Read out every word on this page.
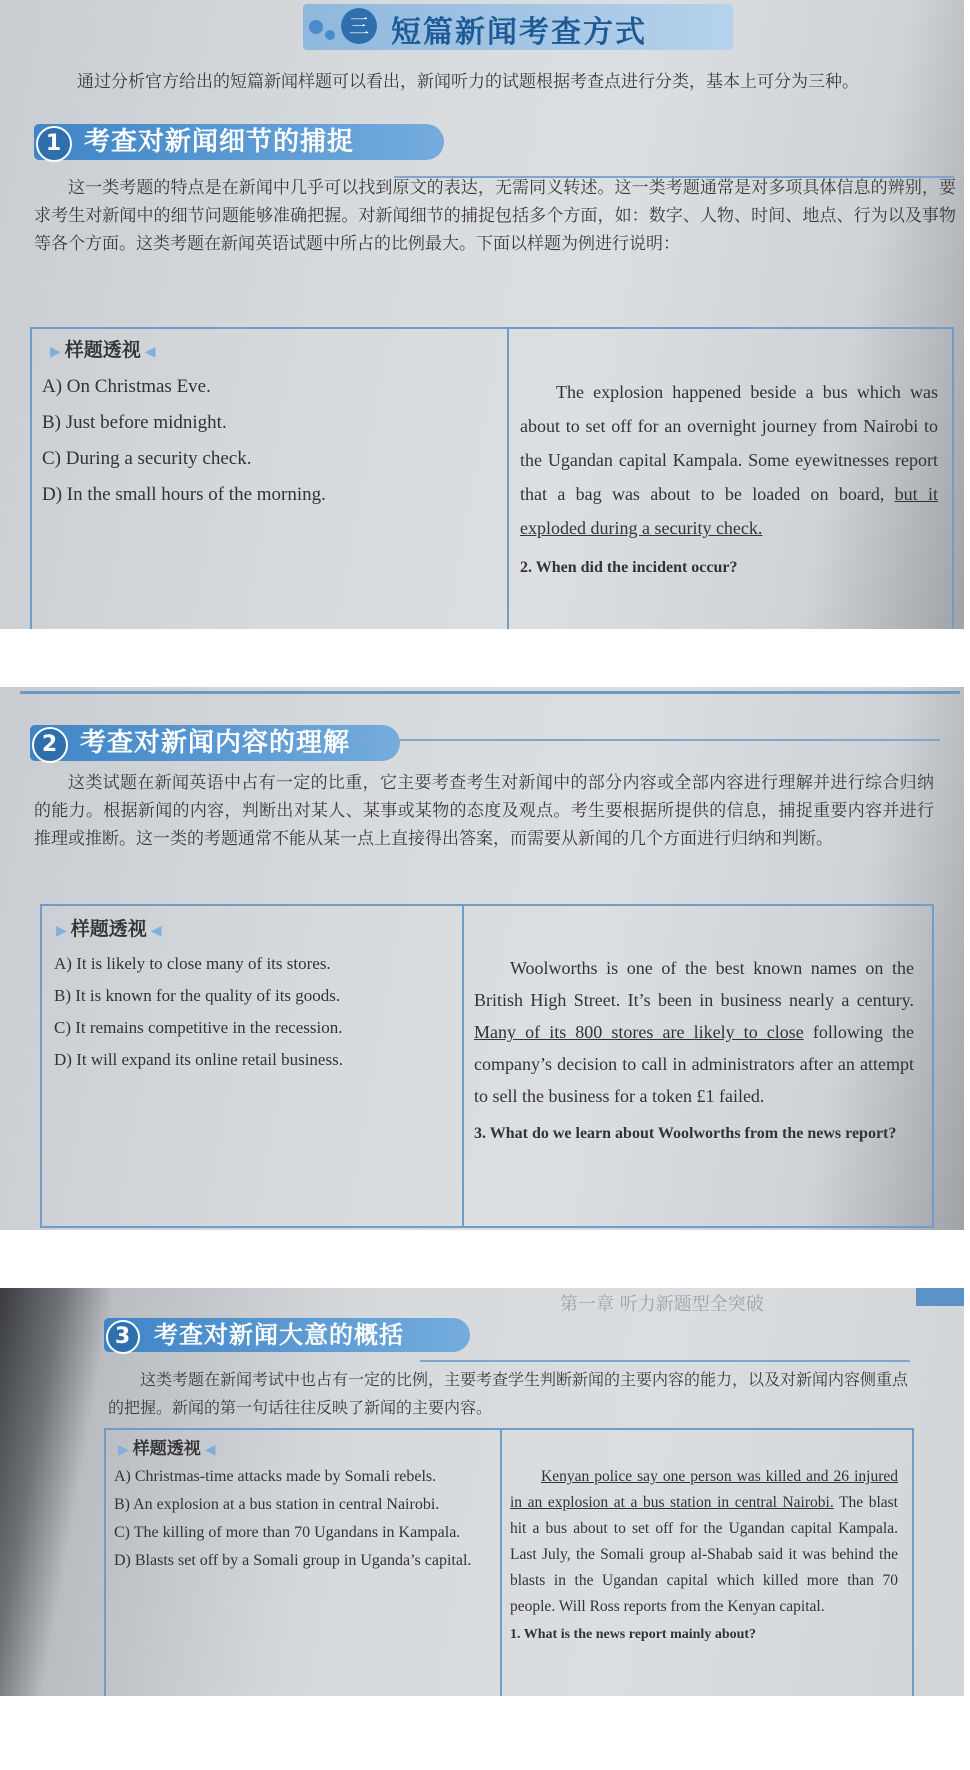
三 短篇新闻考查方式
通过分析官方给出的短篇新闻样题可以看出，新闻听力的试题根据考查点进行分类，基本上可分为三种。
1 考查对新闻细节的捕捉
这一类考题的特点是在新闻中几乎可以找到原文的表达，无需同义转述。这一类考题通常是对多项具体信息的辨别，要求考生对新闻中的细节问题能够准确把握。对新闻细节的捕捉包括多个方面，如：数字、人物、时间、地点、行为以及事物等各个方面。这类考题在新闻英语试题中所占的比例最大。下面以样题为例进行说明：
▶ 样题透视 ◀
A) On Christmas Eve.
B) Just before midnight.
C) During a security check.
D) In the small hours of the morning.

The explosion happened beside a bus which was about to set off for an overnight journey from Nairobi to the Ugandan capital Kampala. Some eyewitnesses report that a bag was about to be loaded on board, but it exploded during a security check.

2. When did the incident occur?
2 考查对新闻内容的理解
这类试题在新闻英语中占有一定的比重，它主要考查考生对新闻中的部分内容或全部内容进行理解并进行综合归纳的能力。根据新闻的内容，判断出对某人、某事或某物的态度及观点。考生要根据所提供的信息，捕捉重要内容并进行推理或推断。这一类的考题通常不能从某一点上直接得出答案，而需要从新闻的几个方面进行归纳和判断。
▶ 样题透视 ◀
A) It is likely to close many of its stores.
B) It is known for the quality of its goods.
C) It remains competitive in the recession.
D) It will expand its online retail business.

Woolworths is one of the best known names on the British High Street. It’s been in business nearly a century. Many of its 800 stores are likely to close following the company’s decision to call in administrators after an attempt to sell the business for a token £1 failed.

3. What do we learn about Woolworths from the news report?
第一章 听力新题型全突破
3 考查对新闻大意的概括
这类考题在新闻考试中也占有一定的比例，主要考查学生判断新闻的主要内容的能力，以及对新闻内容侧重点的把握。新闻的第一句话往往反映了新闻的主要内容。
▶ 样题透视 ◀
A) Christmas-time attacks made by Somali rebels.
B) An explosion at a bus station in central Nairobi.
C) The killing of more than 70 Ugandans in Kampala.
D) Blasts set off by a Somali group in Uganda’s capital.

Kenyan police say one person was killed and 26 injured in an explosion at a bus station in central Nairobi. The blast hit a bus about to set off for the Ugandan capital Kampala. Last July, the Somali group al-Shabab said it was behind the blasts in the Ugandan capital which killed more than 70 people. Will Ross reports from the Kenyan capital.

1. What is the news report mainly about?
